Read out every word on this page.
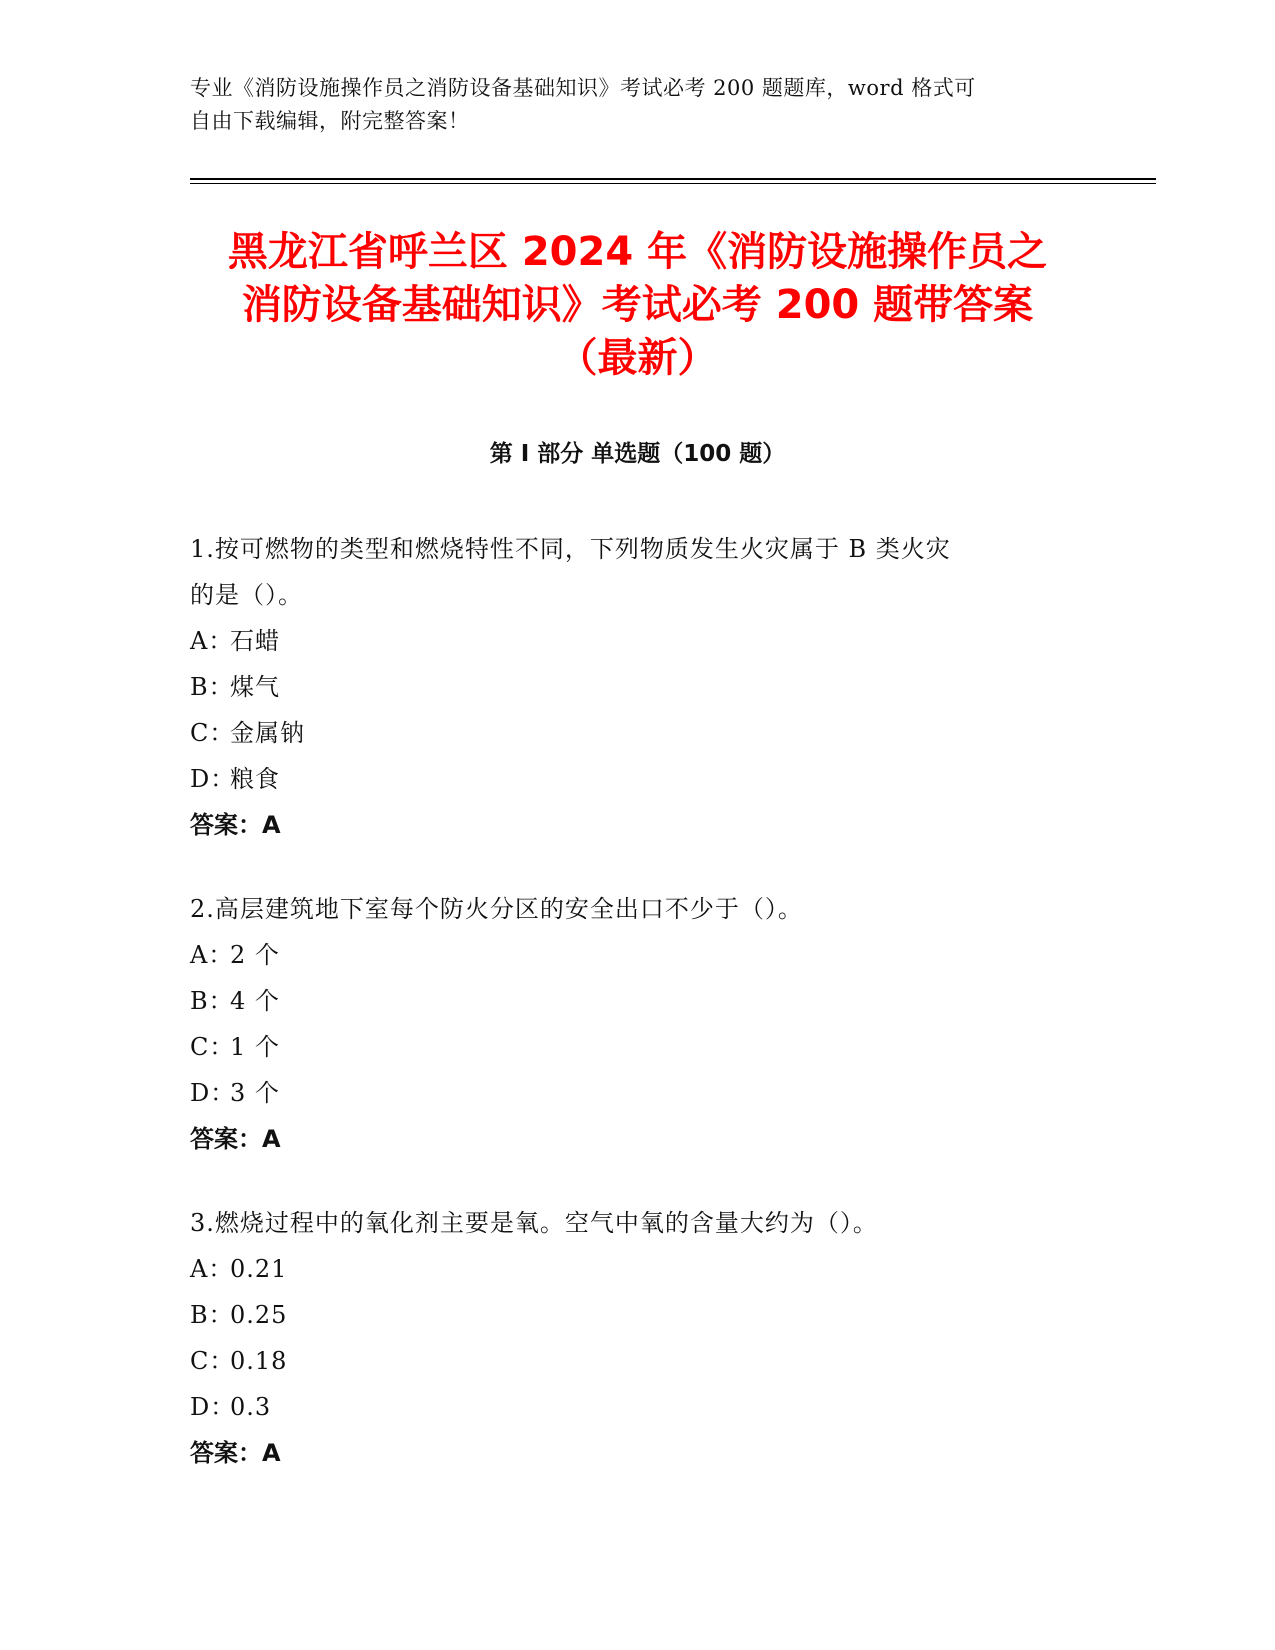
专业《消防设施操作员之消防设备基础知识》考试必考 200 题题库，word 格式可
自由下载编辑，附完整答案！
黑龙江省呼兰区 2024 年《消防设施操作员之
消防设备基础知识》考试必考 200 题带答案
（最新）
第 I 部分 单选题（100 题）

1.按可燃物的类型和燃烧特性不同，下列物质发生火灾属于 B 类火灾

的是（）。

A：石蜡

B：煤气

C：金属钠

D：粮食

答案：A

2.高层建筑地下室每个防火分区的安全出口不少于（）。

A：2 个

B：4 个

C：1 个

D：3 个

答案：A

3.燃烧过程中的氧化剂主要是氧。空气中氧的含量大约为（）。

A：0.21

B：0.25

C：0.18

D：0.3

答案：A
